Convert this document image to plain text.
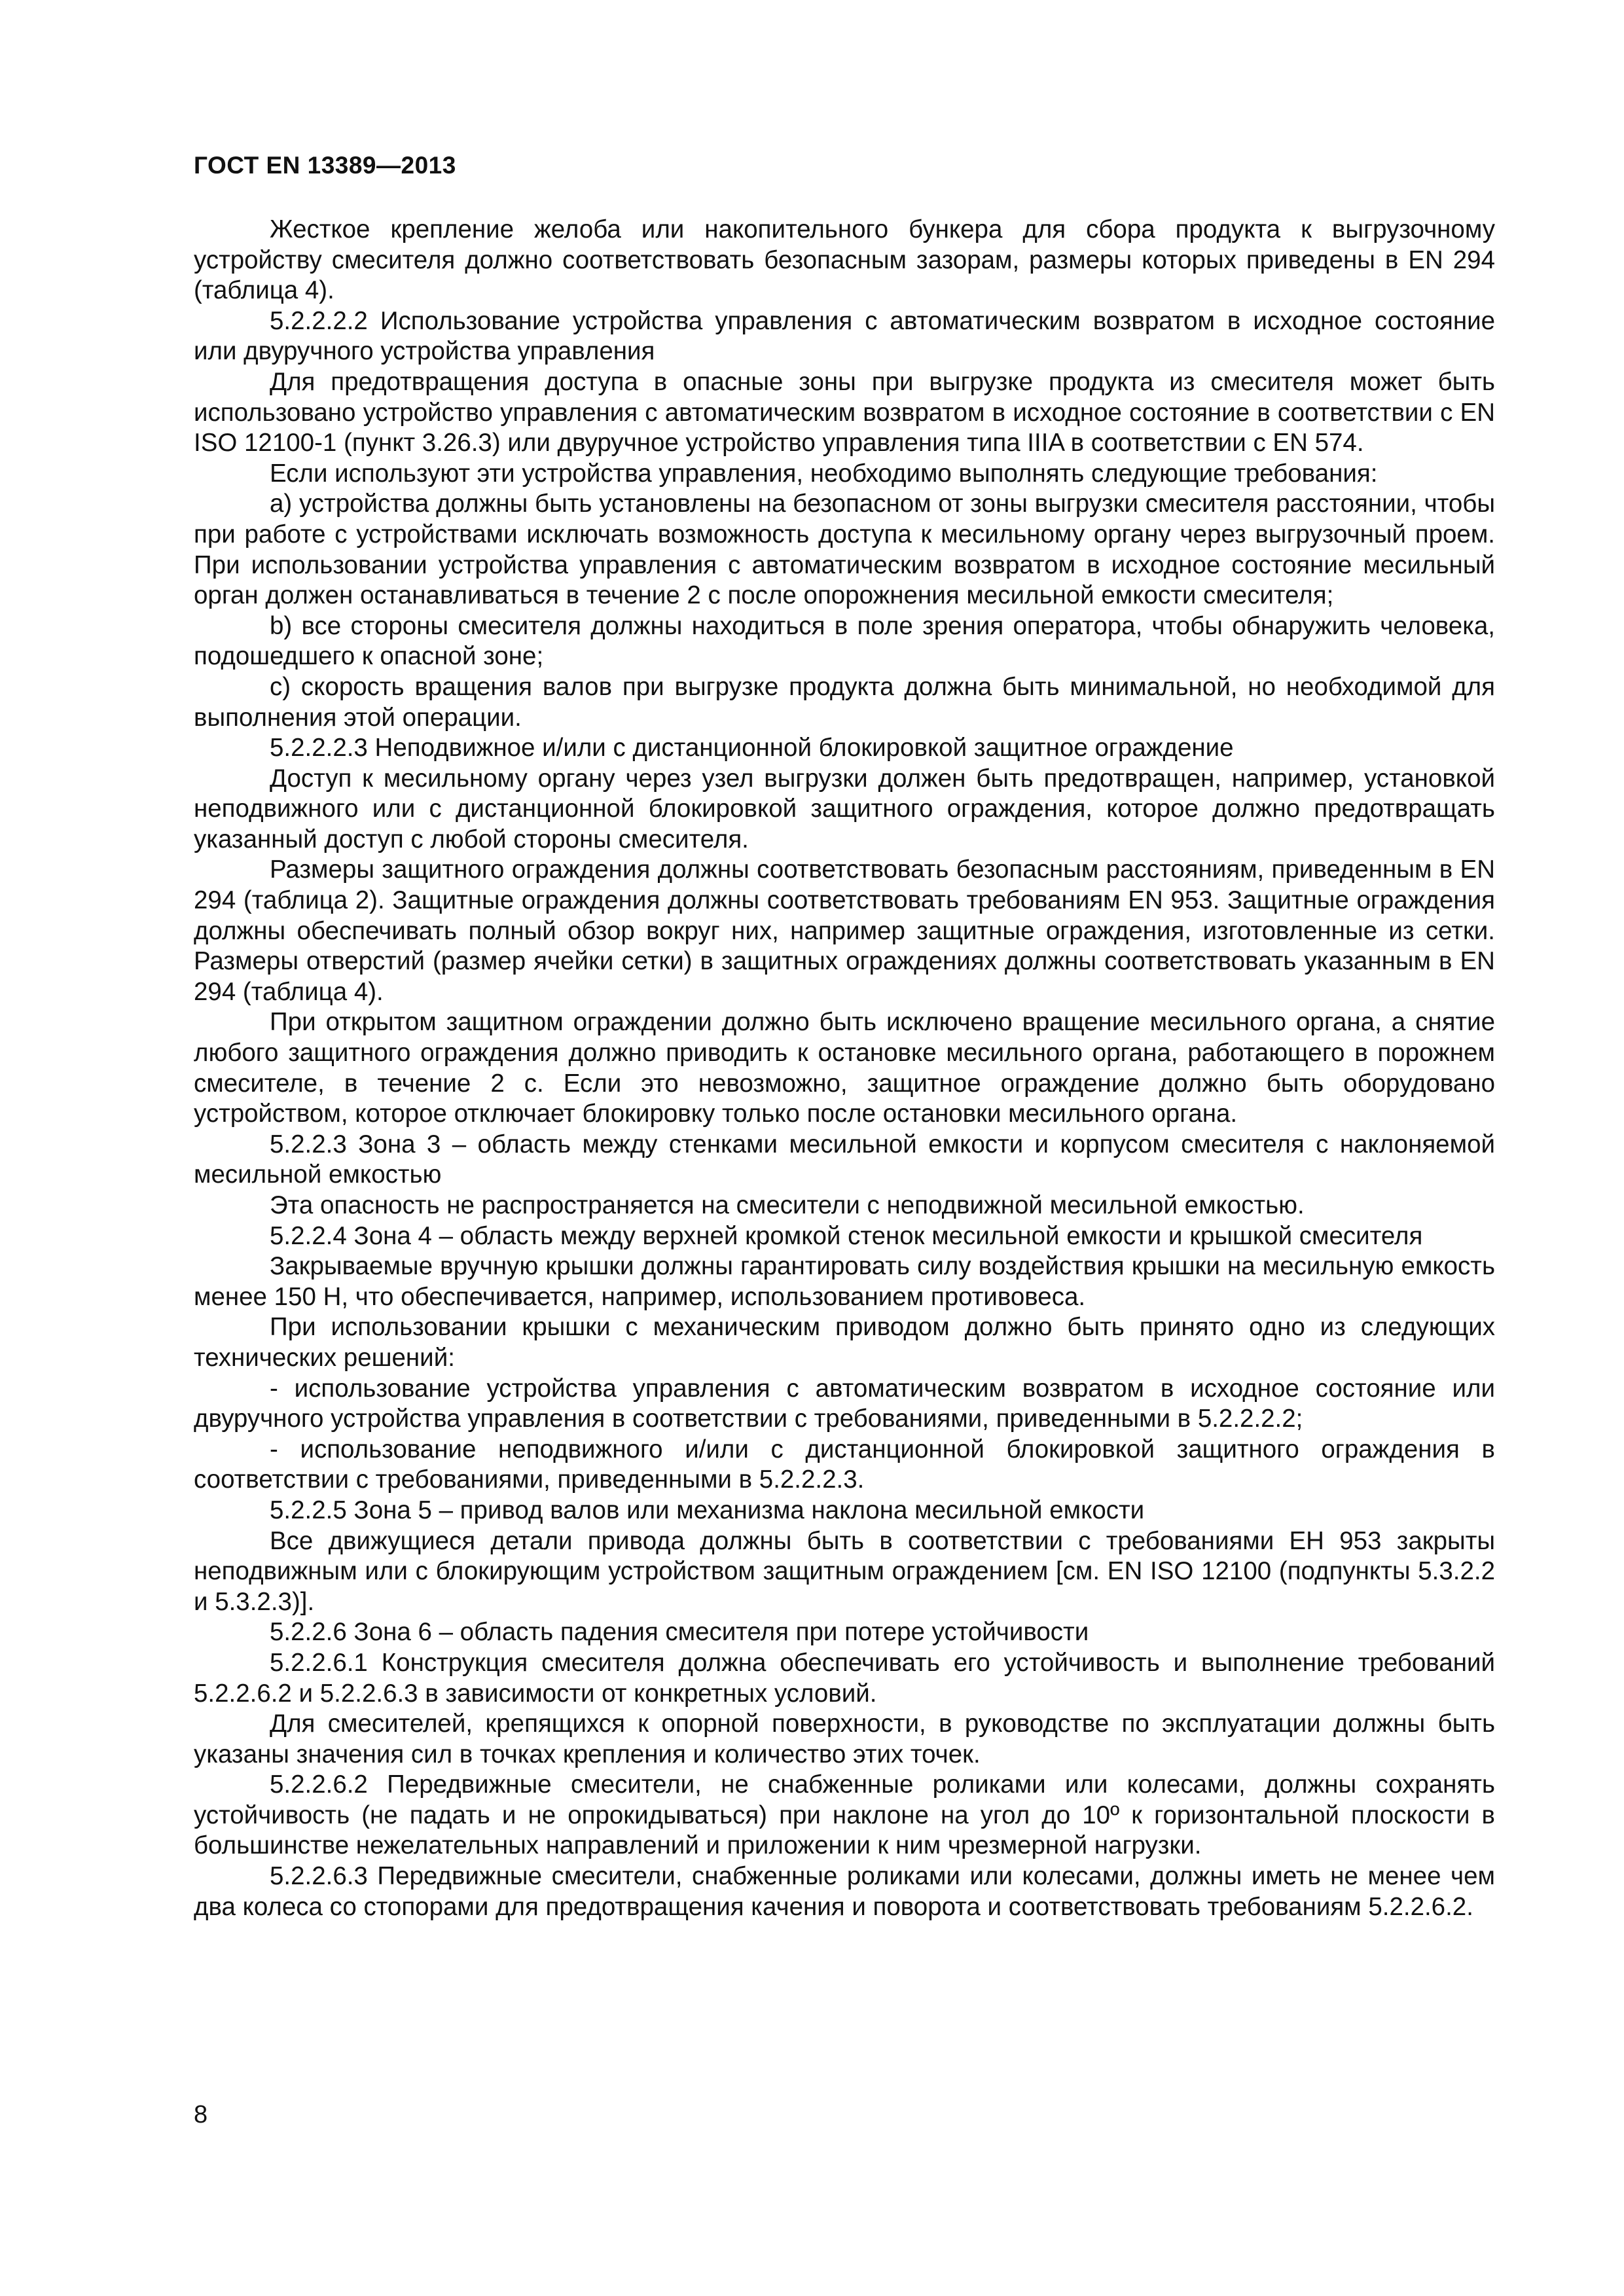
ГОСТ EN 13389—2013

Жесткое крепление желоба или накопительного бункера для сбора продукта к выгрузочному устройству смесителя должно соответствовать безопасным зазорам, размеры которых приведены в EN 294 (таблица 4).

5.2.2.2.2 Использование устройства управления с автоматическим возвратом в исходное состояние или двуручного устройства управления

Для предотвращения доступа в опасные зоны при выгрузке продукта из смесителя может быть использовано устройство управления с автоматическим возвратом в исходное состояние в соответствии с EN ISO 12100-1 (пункт 3.26.3) или двуручное устройство управления типа IIIA в соответствии с EN 574.

Если используют эти устройства управления, необходимо выполнять следующие требования:

a) устройства должны быть установлены на безопасном от зоны выгрузки смесителя расстоянии, чтобы при работе с устройствами исключать возможность доступа к месильному органу через выгрузочный проем. При использовании устройства управления с автоматическим возвратом в исходное состояние месильный орган должен останавливаться в течение 2 с после опорожнения месильной емкости смесителя;

b) все стороны смесителя должны находиться в поле зрения оператора, чтобы обнаружить человека, подошедшего к опасной зоне;

c) скорость вращения валов при выгрузке продукта должна быть минимальной, но необходимой для выполнения этой операции.

5.2.2.2.3 Неподвижное и/или с дистанционной блокировкой защитное ограждение

Доступ к месильному органу через узел выгрузки должен быть предотвращен, например, установкой неподвижного или с дистанционной блокировкой защитного ограждения, которое должно предотвращать указанный доступ с любой стороны смесителя.

Размеры защитного ограждения должны соответствовать безопасным расстояниям, приведенным в EN 294 (таблица 2). Защитные ограждения должны соответствовать требованиям EN 953. Защитные ограждения должны обеспечивать полный обзор вокруг них, например защитные ограждения, изготовленные из сетки. Размеры отверстий (размер ячейки сетки) в защитных ограждениях должны соответствовать указанным в EN 294 (таблица 4).

При открытом защитном ограждении должно быть исключено вращение месильного органа, а снятие любого защитного ограждения должно приводить к остановке месильного органа, работающего в порожнем смесителе, в течение 2 с. Если это невозможно, защитное ограждение должно быть оборудовано устройством, которое отключает блокировку только после остановки месильного органа.

5.2.2.3 Зона 3 – область между стенками месильной емкости и корпусом смесителя с наклоняемой месильной емкостью

Эта опасность не распространяется на смесители с неподвижной месильной емкостью.

5.2.2.4 Зона 4 – область между верхней кромкой стенок месильной емкости и крышкой смесителя

Закрываемые вручную крышки должны гарантировать силу воздействия крышки на месильную емкость менее 150 Н, что обеспечивается, например, использованием противовеса.

При использовании крышки с механическим приводом должно быть принято одно из следующих технических решений:

- использование устройства управления с автоматическим возвратом в исходное состояние или двуручного устройства управления в соответствии с требованиями, приведенными в 5.2.2.2.2;

- использование неподвижного и/или с дистанционной блокировкой защитного ограждения в соответствии с требованиями, приведенными в 5.2.2.2.3.

5.2.2.5 Зона 5 – привод валов или механизма наклона месильной емкости

Все движущиеся детали привода должны быть в соответствии с требованиями ЕН 953 закрыты неподвижным или с блокирующим устройством защитным ограждением [см. EN ISO 12100 (подпункты 5.3.2.2 и 5.3.2.3)].

5.2.2.6 Зона 6 – область падения смесителя при потере устойчивости

5.2.2.6.1 Конструкция смесителя должна обеспечивать его устойчивость и выполнение требований 5.2.2.6.2 и 5.2.2.6.3 в зависимости от конкретных условий.

Для смесителей, крепящихся к опорной поверхности, в руководстве по эксплуатации должны быть указаны значения сил в точках крепления и количество этих точек.

5.2.2.6.2 Передвижные смесители, не снабженные роликами или колесами, должны сохранять устойчивость (не падать и не опрокидываться) при наклоне на угол до 10º к горизонтальной плоскости в большинстве нежелательных направлений и приложении к ним чрезмерной нагрузки.

5.2.2.6.3 Передвижные смесители, снабженные роликами или колесами, должны иметь не менее чем два колеса со стопорами для предотвращения качения и поворота и соответствовать требованиям 5.2.2.6.2.

8
